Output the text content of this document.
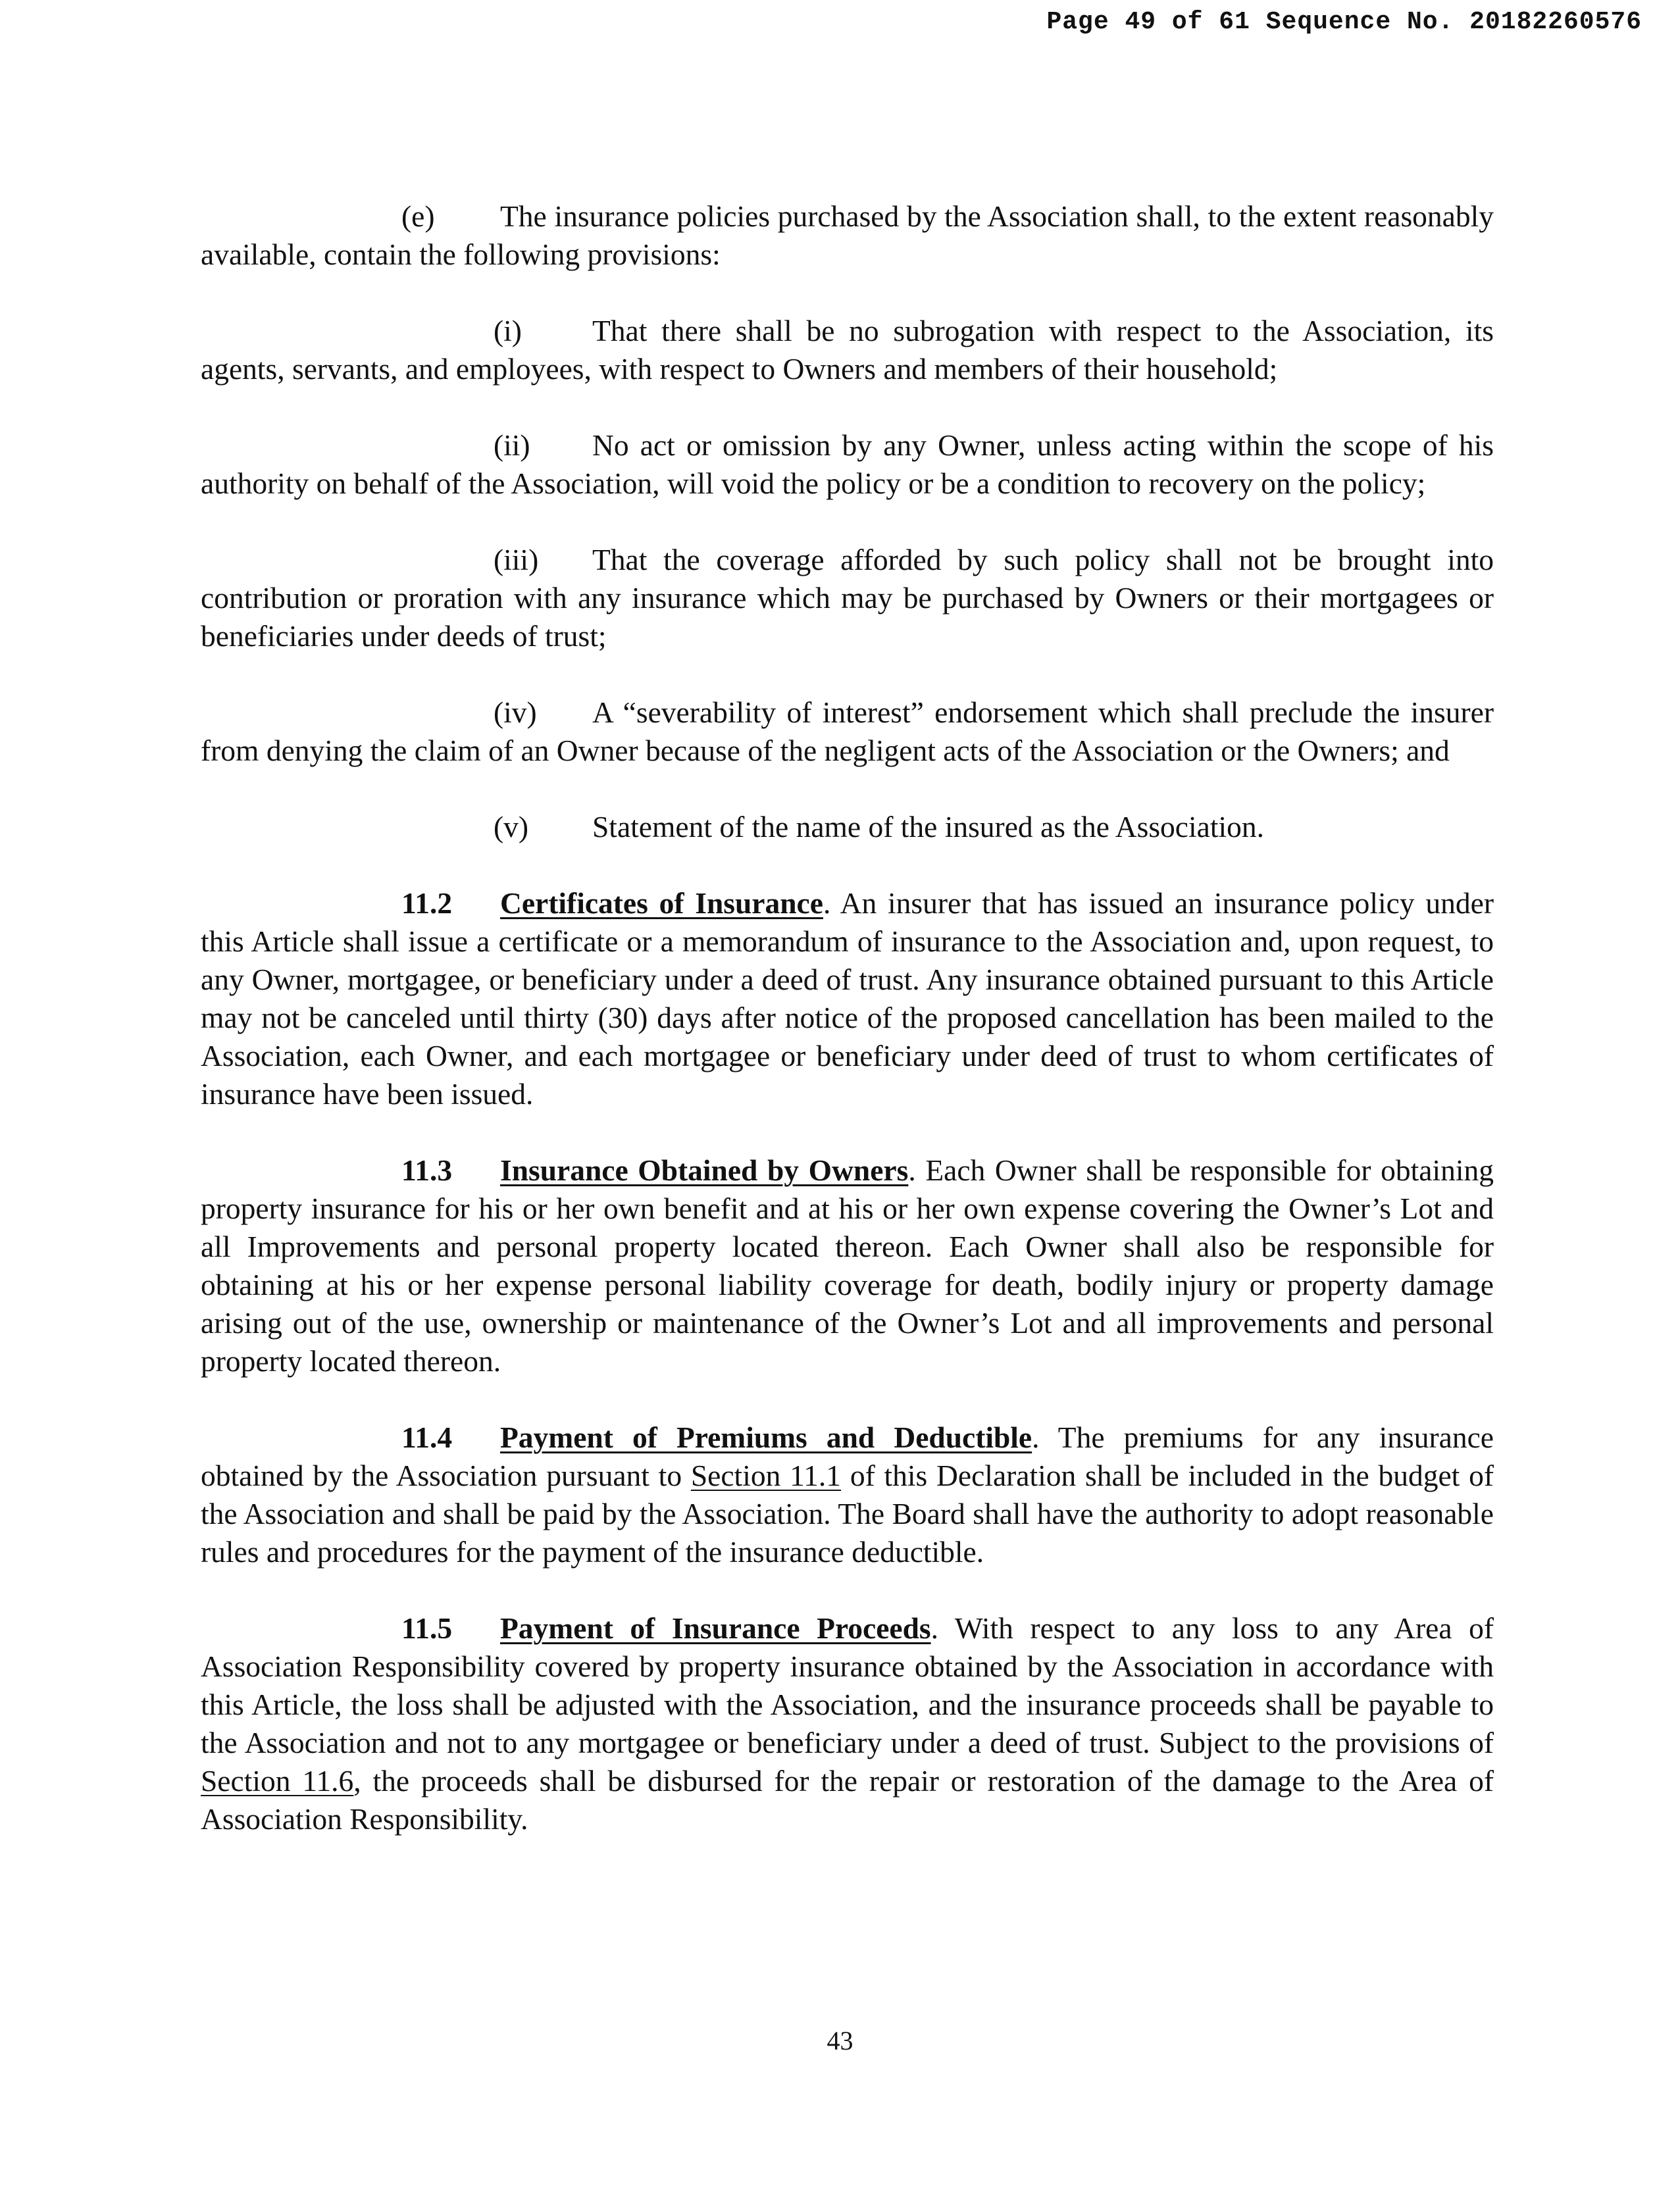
Page 49 of 61 Sequence No. 20182260576

(e) The insurance policies purchased by the Association shall, to the extent reasonably available, contain the following provisions:

(i) That there shall be no subrogation with respect to the Association, its agents, servants, and employees, with respect to Owners and members of their household;

(ii) No act or omission by any Owner, unless acting within the scope of his authority on behalf of the Association, will void the policy or be a condition to recovery on the policy;

(iii) That the coverage afforded by such policy shall not be brought into contribution or proration with any insurance which may be purchased by Owners or their mortgagees or beneficiaries under deeds of trust;

(iv) A “severability of interest” endorsement which shall preclude the insurer from denying the claim of an Owner because of the negligent acts of the Association or the Owners; and

(v) Statement of the name of the insured as the Association.

11.2 Certificates of Insurance. An insurer that has issued an insurance policy under this Article shall issue a certificate or a memorandum of insurance to the Association and, upon request, to any Owner, mortgagee, or beneficiary under a deed of trust. Any insurance obtained pursuant to this Article may not be canceled until thirty (30) days after notice of the proposed cancellation has been mailed to the Association, each Owner, and each mortgagee or beneficiary under deed of trust to whom certificates of insurance have been issued.

11.3 Insurance Obtained by Owners. Each Owner shall be responsible for obtaining property insurance for his or her own benefit and at his or her own expense covering the Owner’s Lot and all Improvements and personal property located thereon. Each Owner shall also be responsible for obtaining at his or her expense personal liability coverage for death, bodily injury or property damage arising out of the use, ownership or maintenance of the Owner’s Lot and all improvements and personal property located thereon.

11.4 Payment of Premiums and Deductible. The premiums for any insurance obtained by the Association pursuant to Section 11.1 of this Declaration shall be included in the budget of the Association and shall be paid by the Association. The Board shall have the authority to adopt reasonable rules and procedures for the payment of the insurance deductible.

11.5 Payment of Insurance Proceeds. With respect to any loss to any Area of Association Responsibility covered by property insurance obtained by the Association in accordance with this Article, the loss shall be adjusted with the Association, and the insurance proceeds shall be payable to the Association and not to any mortgagee or beneficiary under a deed of trust. Subject to the provisions of Section 11.6, the proceeds shall be disbursed for the repair or restoration of the damage to the Area of Association Responsibility.

43
